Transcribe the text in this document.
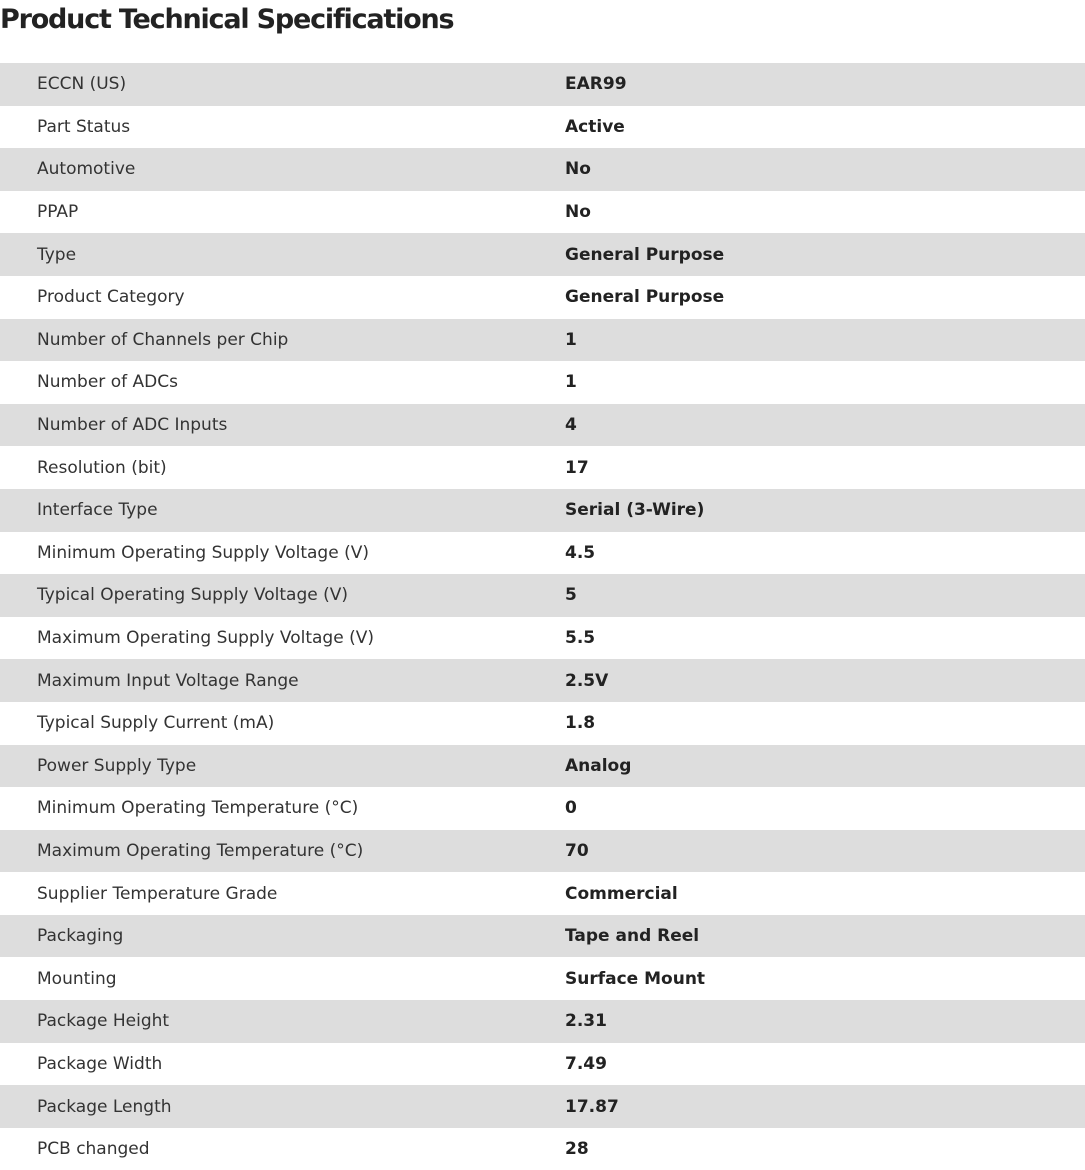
Product Technical Specifications
ECCN (US)	EAR99
Part Status	Active
Automotive	No
PPAP	No
Type	General Purpose
Product Category	General Purpose
Number of Channels per Chip	1
Number of ADCs	1
Number of ADC Inputs	4
Resolution (bit)	17
Interface Type	Serial (3-Wire)
Minimum Operating Supply Voltage (V)	4.5
Typical Operating Supply Voltage (V)	5
Maximum Operating Supply Voltage (V)	5.5
Maximum Input Voltage Range	2.5V
Typical Supply Current (mA)	1.8
Power Supply Type	Analog
Minimum Operating Temperature (°C)	0
Maximum Operating Temperature (°C)	70
Supplier Temperature Grade	Commercial
Packaging	Tape and Reel
Mounting	Surface Mount
Package Height	2.31
Package Width	7.49
Package Length	17.87
PCB changed	28
